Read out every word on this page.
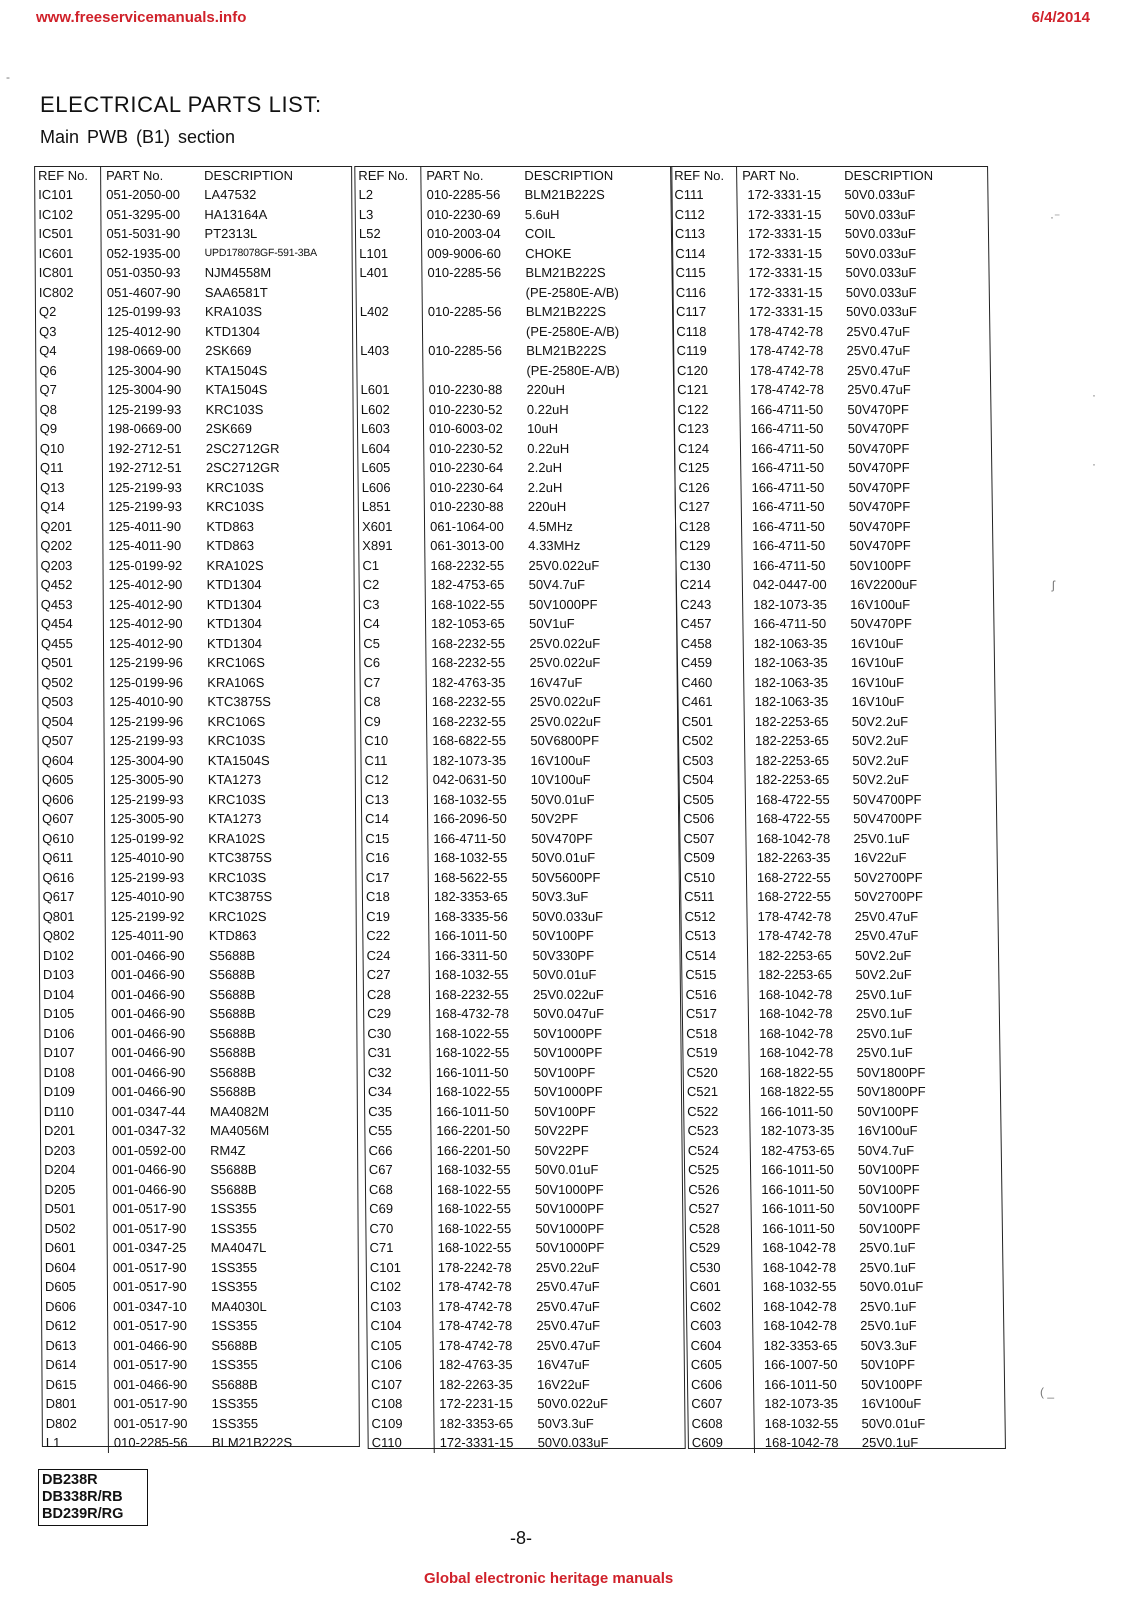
www.freeservicemanuals.info	6/4/2014
-
ELECTRICAL PARTS LIST:
Main PWB (B1) section
REF No.	PART No.	DESCRIPTION
IC101	051-2050-00	LA47532
IC102	051-3295-00	HA13164A
IC501	051-5031-90	PT2313L
IC601	052-1935-00	UPD178078GF-591-3BA
IC801	051-0350-93	NJM4558M
IC802	051-4607-90	SAA6581T
Q2	125-0199-93	KRA103S
Q3	125-4012-90	KTD1304
Q4	198-0669-00	2SK669
Q6	125-3004-90	KTA1504S
Q7	125-3004-90	KTA1504S
Q8	125-2199-93	KRC103S
Q9	198-0669-00	2SK669
Q10	192-2712-51	2SC2712GR
Q11	192-2712-51	2SC2712GR
Q13	125-2199-93	KRC103S
Q14	125-2199-93	KRC103S
Q201	125-4011-90	KTD863
Q202	125-4011-90	KTD863
Q203	125-0199-92	KRA102S
Q452	125-4012-90	KTD1304
Q453	125-4012-90	KTD1304
Q454	125-4012-90	KTD1304
Q455	125-4012-90	KTD1304
Q501	125-2199-96	KRC106S
Q502	125-0199-96	KRA106S
Q503	125-4010-90	KTC3875S
Q504	125-2199-96	KRC106S
Q507	125-2199-93	KRC103S
Q604	125-3004-90	KTA1504S
Q605	125-3005-90	KTA1273
Q606	125-2199-93	KRC103S
Q607	125-3005-90	KTA1273
Q610	125-0199-92	KRA102S
Q611	125-4010-90	KTC3875S
Q616	125-2199-93	KRC103S
Q617	125-4010-90	KTC3875S
Q801	125-2199-92	KRC102S
Q802	125-4011-90	KTD863
D102	001-0466-90	S5688B
D103	001-0466-90	S5688B
D104	001-0466-90	S5688B
D105	001-0466-90	S5688B
D106	001-0466-90	S5688B
D107	001-0466-90	S5688B
D108	001-0466-90	S5688B
D109	001-0466-90	S5688B
D110	001-0347-44	MA4082M
D201	001-0347-32	MA4056M
D203	001-0592-00	RM4Z
D204	001-0466-90	S5688B
D205	001-0466-90	S5688B
D501	001-0517-90	1SS355
D502	001-0517-90	1SS355
D601	001-0347-25	MA4047L
D604	001-0517-90	1SS355
D605	001-0517-90	1SS355
D606	001-0347-10	MA4030L
D612	001-0517-90	1SS355
D613	001-0466-90	S5688B
D614	001-0517-90	1SS355
D615	001-0466-90	S5688B
D801	001-0517-90	1SS355
D802	001-0517-90	1SS355
L1	010-2285-56	BLM21B222S
REF No.	PART No.	DESCRIPTION
L2	010-2285-56	BLM21B222S
L3	010-2230-69	5.6uH
L52	010-2003-04	COIL
L101	009-9006-60	CHOKE
L401	010-2285-56	BLM21B222S
(PE-2580E-A/B)
L402	010-2285-56	BLM21B222S
(PE-2580E-A/B)
L403	010-2285-56	BLM21B222S
(PE-2580E-A/B)
L601	010-2230-88	220uH
L602	010-2230-52	0.22uH
L603	010-6003-02	10uH
L604	010-2230-52	0.22uH
L605	010-2230-64	2.2uH
L606	010-2230-64	2.2uH
L851	010-2230-88	220uH
X601	061-1064-00	4.5MHz
X891	061-3013-00	4.33MHz
C1	168-2232-55	25V0.022uF
C2	182-4753-65	50V4.7uF
C3	168-1022-55	50V1000PF
C4	182-1053-65	50V1uF
C5	168-2232-55	25V0.022uF
C6	168-2232-55	25V0.022uF
C7	182-4763-35	16V47uF
C8	168-2232-55	25V0.022uF
C9	168-2232-55	25V0.022uF
C10	168-6822-55	50V6800PF
C11	182-1073-35	16V100uF
C12	042-0631-50	10V100uF
C13	168-1032-55	50V0.01uF
C14	166-2096-50	50V2PF
C15	166-4711-50	50V470PF
C16	168-1032-55	50V0.01uF
C17	168-5622-55	50V5600PF
C18	182-3353-65	50V3.3uF
C19	168-3335-56	50V0.033uF
C22	166-1011-50	50V100PF
C24	166-3311-50	50V330PF
C27	168-1032-55	50V0.01uF
C28	168-2232-55	25V0.022uF
C29	168-4732-78	50V0.047uF
C30	168-1022-55	50V1000PF
C31	168-1022-55	50V1000PF
C32	166-1011-50	50V100PF
C34	168-1022-55	50V1000PF
C35	166-1011-50	50V100PF
C55	166-2201-50	50V22PF
C66	166-2201-50	50V22PF
C67	168-1032-55	50V0.01uF
C68	168-1022-55	50V1000PF
C69	168-1022-55	50V1000PF
C70	168-1022-55	50V1000PF
C71	168-1022-55	50V1000PF
C101	178-2242-78	25V0.22uF
C102	178-4742-78	25V0.47uF
C103	178-4742-78	25V0.47uF
C104	178-4742-78	25V0.47uF
C105	178-4742-78	25V0.47uF
C106	182-4763-35	16V47uF
C107	182-2263-35	16V22uF
C108	172-2231-15	50V0.022uF
C109	182-3353-65	50V3.3uF
C110	172-3331-15	50V0.033uF
REF No.	PART No.	DESCRIPTION
C111	172-3331-15	50V0.033uF
C112	172-3331-15	50V0.033uF
C113	172-3331-15	50V0.033uF
C114	172-3331-15	50V0.033uF
C115	172-3331-15	50V0.033uF
C116	172-3331-15	50V0.033uF
C117	172-3331-15	50V0.033uF
C118	178-4742-78	25V0.47uF
C119	178-4742-78	25V0.47uF
C120	178-4742-78	25V0.47uF
C121	178-4742-78	25V0.47uF
C122	166-4711-50	50V470PF
C123	166-4711-50	50V470PF
C124	166-4711-50	50V470PF
C125	166-4711-50	50V470PF
C126	166-4711-50	50V470PF
C127	166-4711-50	50V470PF
C128	166-4711-50	50V470PF
C129	166-4711-50	50V470PF
C130	166-4711-50	50V100PF
C214	042-0447-00	16V2200uF
C243	182-1073-35	16V100uF
C457	166-4711-50	50V470PF
C458	182-1063-35	16V10uF
C459	182-1063-35	16V10uF
C460	182-1063-35	16V10uF
C461	182-1063-35	16V10uF
C501	182-2253-65	50V2.2uF
C502	182-2253-65	50V2.2uF
C503	182-2253-65	50V2.2uF
C504	182-2253-65	50V2.2uF
C505	168-4722-55	50V4700PF
C506	168-4722-55	50V4700PF
C507	168-1042-78	25V0.1uF
C509	182-2263-35	16V22uF
C510	168-2722-55	50V2700PF
C511	168-2722-55	50V2700PF
C512	178-4742-78	25V0.47uF
C513	178-4742-78	25V0.47uF
C514	182-2253-65	50V2.2uF
C515	182-2253-65	50V2.2uF
C516	168-1042-78	25V0.1uF
C517	168-1042-78	25V0.1uF
C518	168-1042-78	25V0.1uF
C519	168-1042-78	25V0.1uF
C520	168-1822-55	50V1800PF
C521	168-1822-55	50V1800PF
C522	166-1011-50	50V100PF
C523	182-1073-35	16V100uF
C524	182-4753-65	50V4.7uF
C525	166-1011-50	50V100PF
C526	166-1011-50	50V100PF
C527	166-1011-50	50V100PF
C528	166-1011-50	50V100PF
C529	168-1042-78	25V0.1uF
C530	168-1042-78	25V0.1uF
C601	168-1032-55	50V0.01uF
C602	168-1042-78	25V0.1uF
C603	168-1042-78	25V0.1uF
C604	182-3353-65	50V3.3uF
C605	166-1007-50	50V10PF
C606	166-1011-50	50V100PF
C607	182-1073-35	16V100uF
C608	168-1032-55	50V0.01uF
C609	168-1042-78	25V0.1uF
DB238R
DB338R/RB
BD239R/RG
-8-
Global electronic heritage manuals
·⁻
·
·
ʃ
( _
